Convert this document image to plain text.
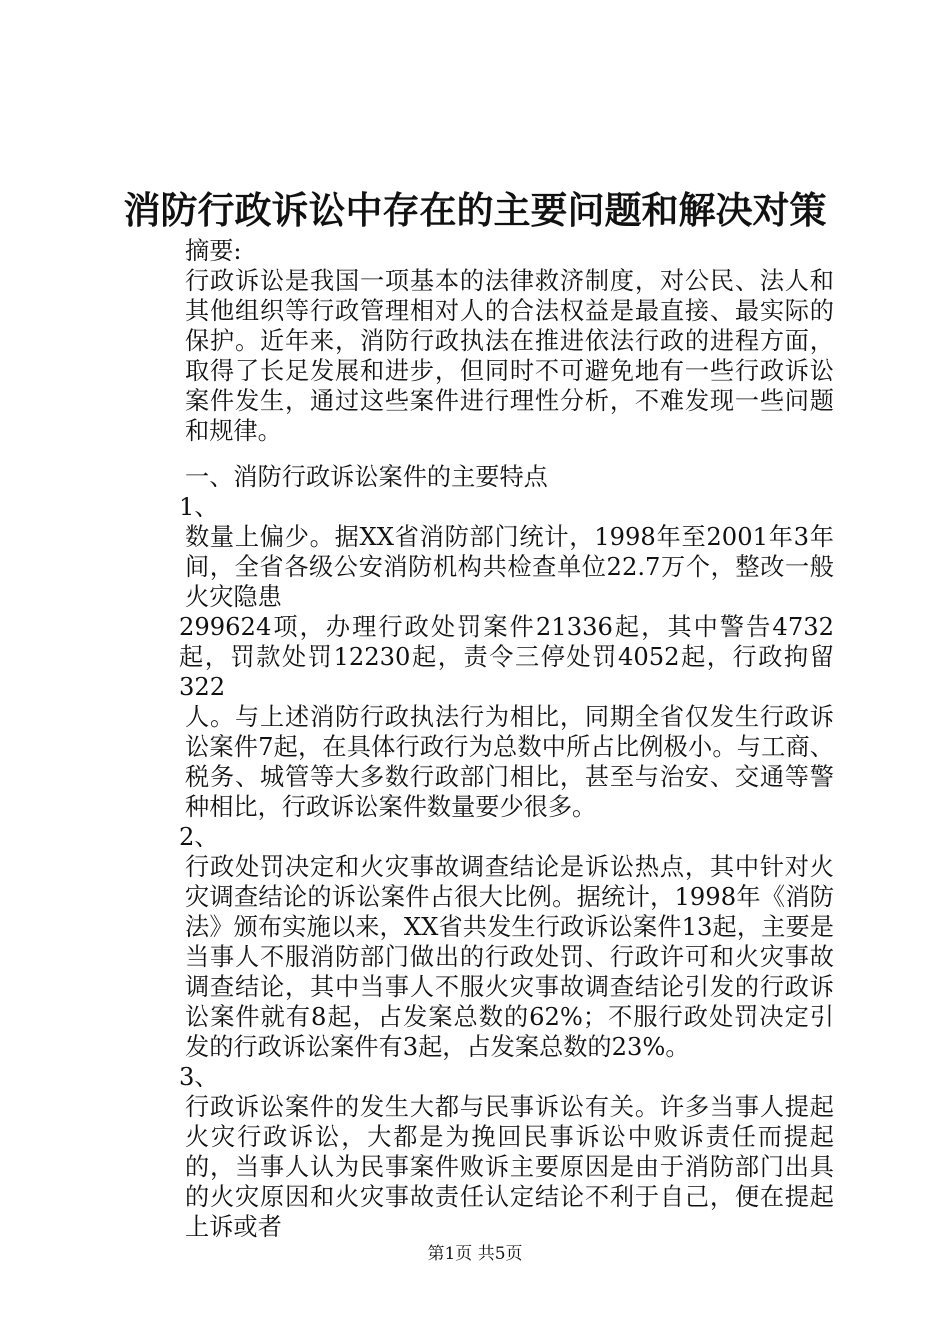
消防行政诉讼中存在的主要问题和解决对策

摘要:

行政诉讼是我国一项基本的法律救济制度，对公民、法人和其他组织等行政管理相对人的合法权益是最直接、最实际的保护。近年来，消防行政执法在推进依法行政的进程方面，取得了长足发展和进步，但同时不可避免地有一些行政诉讼案件发生，通过这些案件进行理性分析，不难发现一些问题和规律。

一、消防行政诉讼案件的主要特点

1、

数量上偏少。据XX省消防部门统计，1998年至2001年3年间，全省各级公安消防机构共检查单位22.7万个，整改一般火灾隐患

299624项，办理行政处罚案件21336起，其中警告4732起，罚款处罚12230起，责令三停处罚4052起，行政拘留322

人。与上述消防行政执法行为相比，同期全省仅发生行政诉讼案件7起，在具体行政行为总数中所占比例极小。与工商、税务、城管等大多数行政部门相比，甚至与治安、交通等警种相比，行政诉讼案件数量要少很多。

2、

行政处罚决定和火灾事故调查结论是诉讼热点，其中针对火灾调查结论的诉讼案件占很大比例。据统计，1998年《消防法》颁布实施以来，XX省共发生行政诉讼案件13起，主要是当事人不服消防部门做出的行政处罚、行政许可和火灾事故调查结论，其中当事人不服火灾事故调查结论引发的行政诉讼案件就有8起，占发案总数的62%；不服行政处罚决定引发的行政诉讼案件有3起，占发案总数的23%。

3、

行政诉讼案件的发生大都与民事诉讼有关。许多当事人提起火灾行政诉讼，大都是为挽回民事诉讼中败诉责任而提起的，当事人认为民事案件败诉主要原因是由于消防部门出具的火灾原因和火灾事故责任认定结论不利于自己，便在提起上诉或者

第1页 共5页
